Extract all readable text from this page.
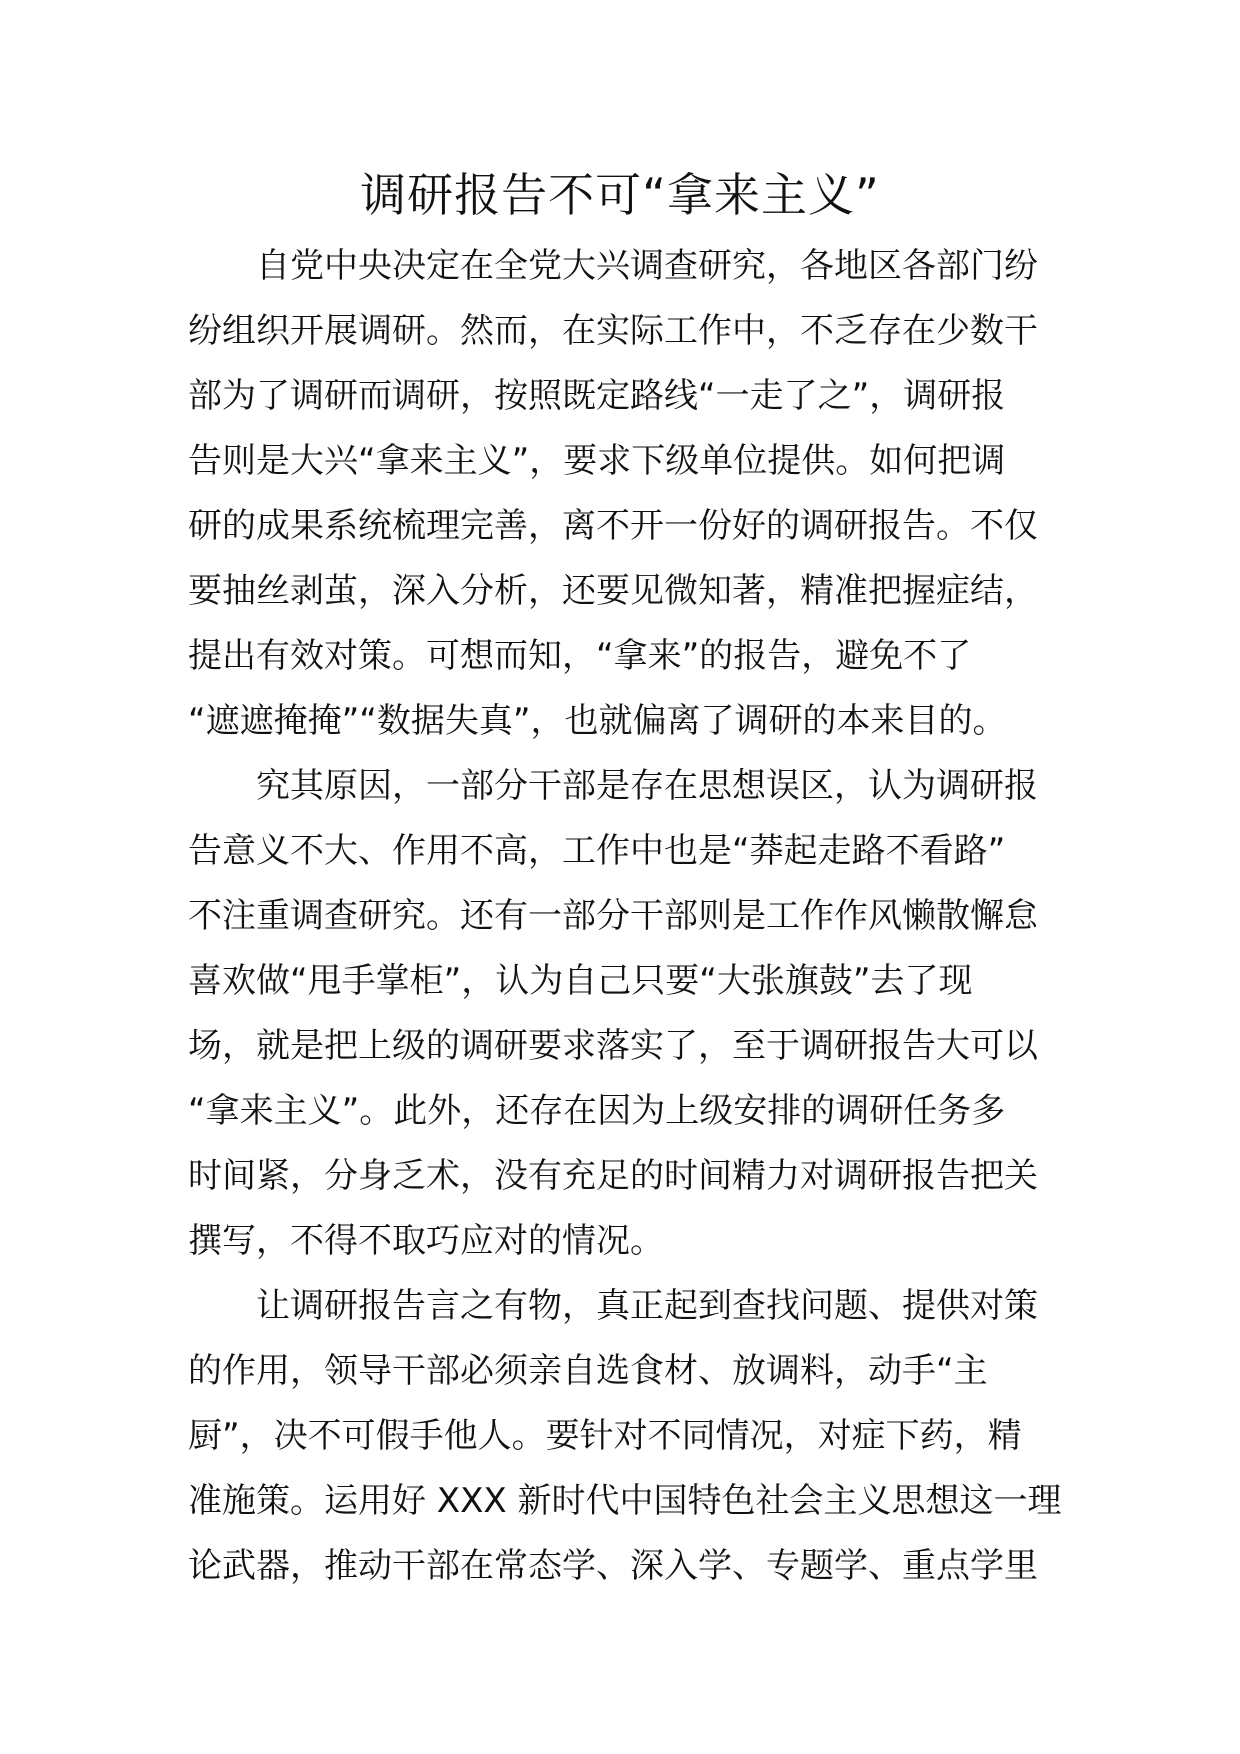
调研报告不可“拿来主义”
自党中央决定在全党大兴调查研究，各地区各部门纷
纷组织开展调研。然而，在实际工作中，不乏存在少数干
部为了调研而调研，按照既定路线“一走了之”，调研报
告则是大兴“拿来主义”，要求下级单位提供。如何把调
研的成果系统梳理完善，离不开一份好的调研报告。不仅
要抽丝剥茧，深入分析，还要见微知著，精准把握症结，
提出有效对策。可想而知，“拿来”的报告，避免不了
“遮遮掩掩”“数据失真”，也就偏离了调研的本来目的。
究其原因，一部分干部是存在思想误区，认为调研报
告意义不大、作用不高，工作中也是“莽起走路不看路”
不注重调查研究。还有一部分干部则是工作作风懒散懈怠
喜欢做“甩手掌柜”，认为自己只要“大张旗鼓”去了现
场，就是把上级的调研要求落实了，至于调研报告大可以
“拿来主义”。此外，还存在因为上级安排的调研任务多
时间紧，分身乏术，没有充足的时间精力对调研报告把关
撰写，不得不取巧应对的情况。
让调研报告言之有物，真正起到查找问题、提供对策
的作用，领导干部必须亲自选食材、放调料，动手“主
厨”，决不可假手他人。要针对不同情况，对症下药，精
准施策。运用好 XXX 新时代中国特色社会主义思想这一理
论武器，推动干部在常态学、深入学、专题学、重点学里
